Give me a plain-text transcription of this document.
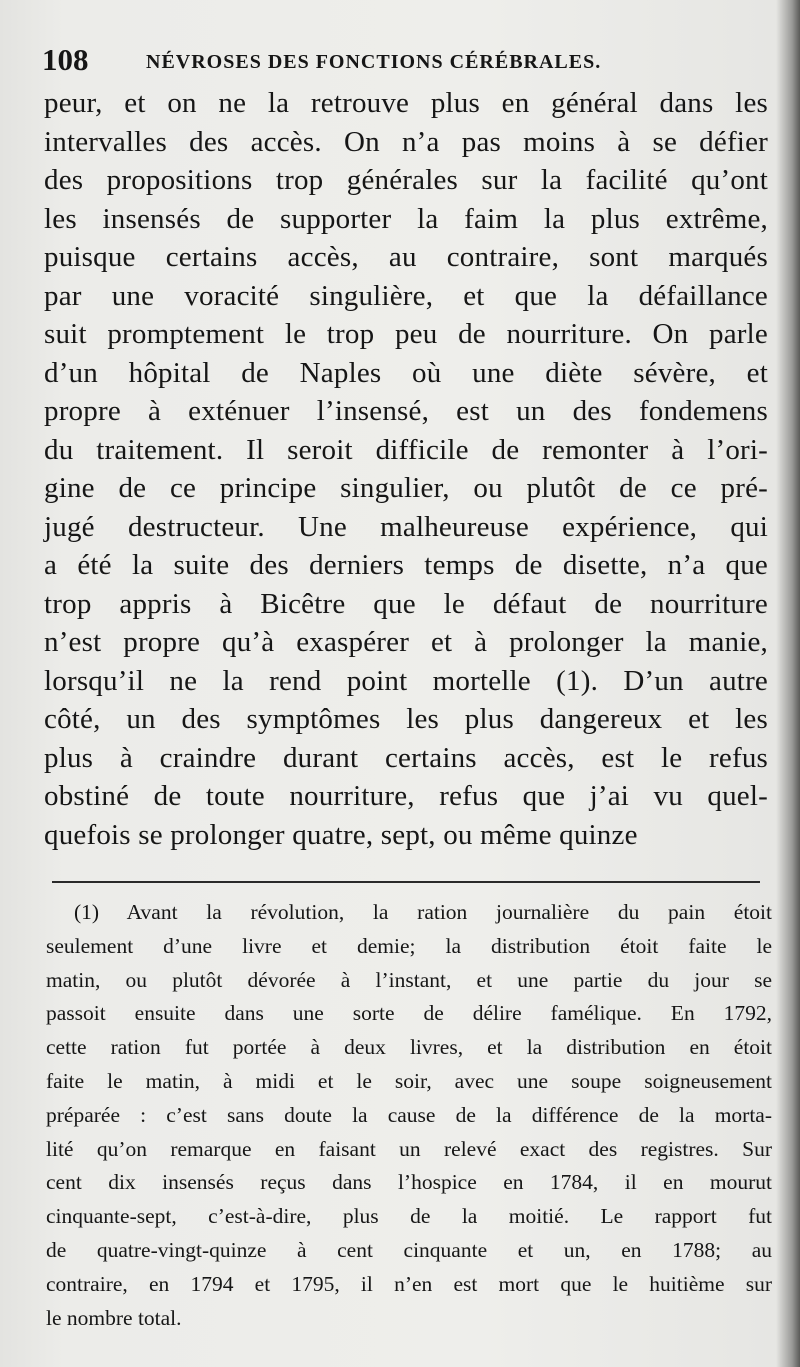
108	NÉVROSES DES FONCTIONS CÉRÉBRALES.
peur, et on ne la retrouve plus en général dans les
intervalles des accès. On n’a pas moins à se défier
des propositions trop générales sur la facilité qu’ont
les insensés de supporter la faim la plus extrême,
puisque certains accès, au contraire, sont marqués
par une voracité singulière, et que la défaillance
suit promptement le trop peu de nourriture. On parle
d’un hôpital de Naples où une diète sévère, et
propre à exténuer l’insensé, est un des fondemens
du traitement. Il seroit difficile de remonter à l’ori-
gine de ce principe singulier, ou plutôt de ce pré-
jugé destructeur. Une malheureuse expérience, qui
a été la suite des derniers temps de disette, n’a que
trop appris à Bicêtre que le défaut de nourriture
n’est propre qu’à exaspérer et à prolonger la manie,
lorsqu’il ne la rend point mortelle (1). D’un autre
côté, un des symptômes les plus dangereux et les
plus à craindre durant certains accès, est le refus
obstiné de toute nourriture, refus que j’ai vu quel-
quefois se prolonger quatre, sept, ou même quinze
(1) Avant la révolution, la ration journalière du pain étoit
seulement d’une livre et demie; la distribution étoit faite le
matin, ou plutôt dévorée à l’instant, et une partie du jour se
passoit ensuite dans une sorte de délire famélique. En 1792,
cette ration fut portée à deux livres, et la distribution en étoit
faite le matin, à midi et le soir, avec une soupe soigneusement
préparée : c’est sans doute la cause de la différence de la morta-
lité qu’on remarque en faisant un relevé exact des registres. Sur
cent dix insensés reçus dans l’hospice en 1784, il en mourut
cinquante-sept, c’est-à-dire, plus de la moitié. Le rapport fut
de quatre-vingt-quinze à cent cinquante et un, en 1788; au
contraire, en 1794 et 1795, il n’en est mort que le huitième sur
le nombre total.
